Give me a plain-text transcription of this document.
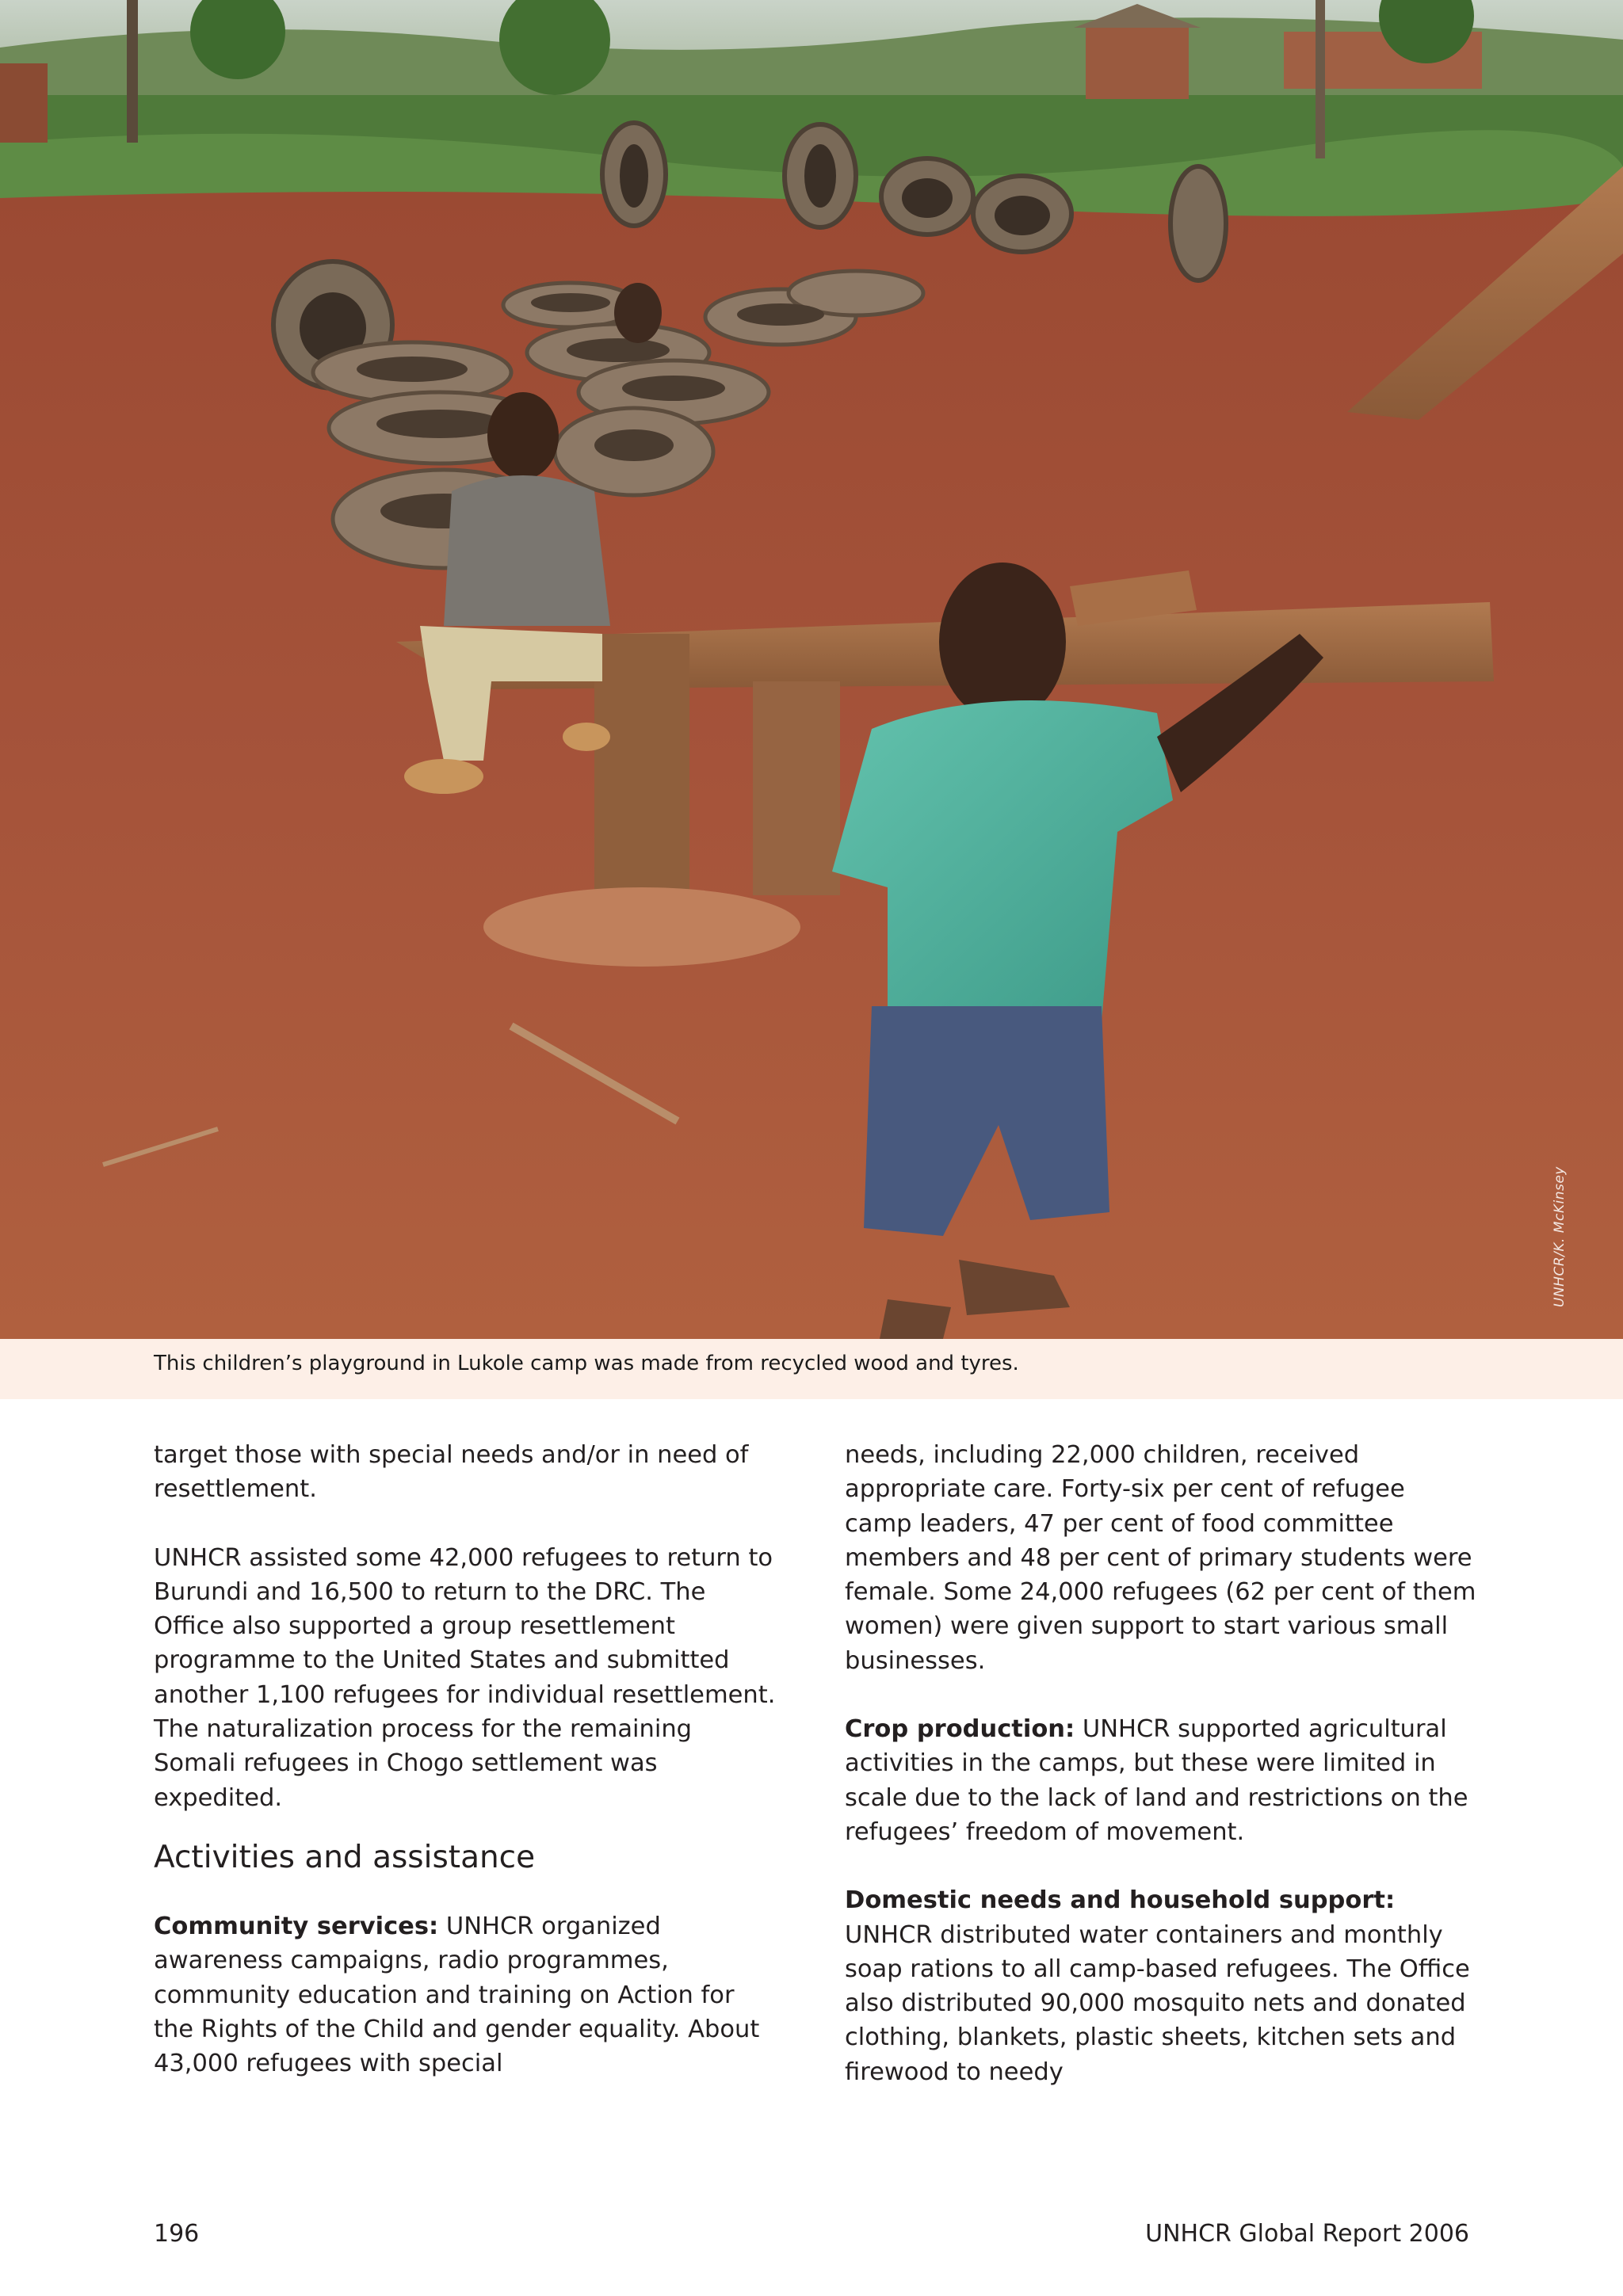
UNHCR/K. McKinsey
This children’s playground in Lukole camp was made from recycled wood and tyres.

target those with special needs and/or in need of resettlement.

UNHCR assisted some 42,000 refugees to return to Burundi and 16,500 to return to the DRC. The Office also supported a group resettlement programme to the United States and submitted another 1,100 refugees for individual resettlement. The naturalization process for the remaining Somali refugees in Chogo settlement was expedited.

Activities and assistance

Community services: UNHCR organized awareness campaigns, radio programmes, community education and training on Action for the Rights of the Child and gender equality. About 43,000 refugees with special

needs, including 22,000 children, received appropriate care. Forty-six per cent of refugee camp leaders, 47 per cent of food committee members and 48 per cent of primary students were female. Some 24,000 refugees (62 per cent of them women) were given support to start various small businesses.

Crop production: UNHCR supported agricultural activities in the camps, but these were limited in scale due to the lack of land and restrictions on the refugees’ freedom of movement.

Domestic needs and household support: UNHCR distributed water containers and monthly soap rations to all camp-based refugees. The Office also distributed 90,000 mosquito nets and donated clothing, blankets, plastic sheets, kitchen sets and firewood to needy

196	UNHCR Global Report 2006
